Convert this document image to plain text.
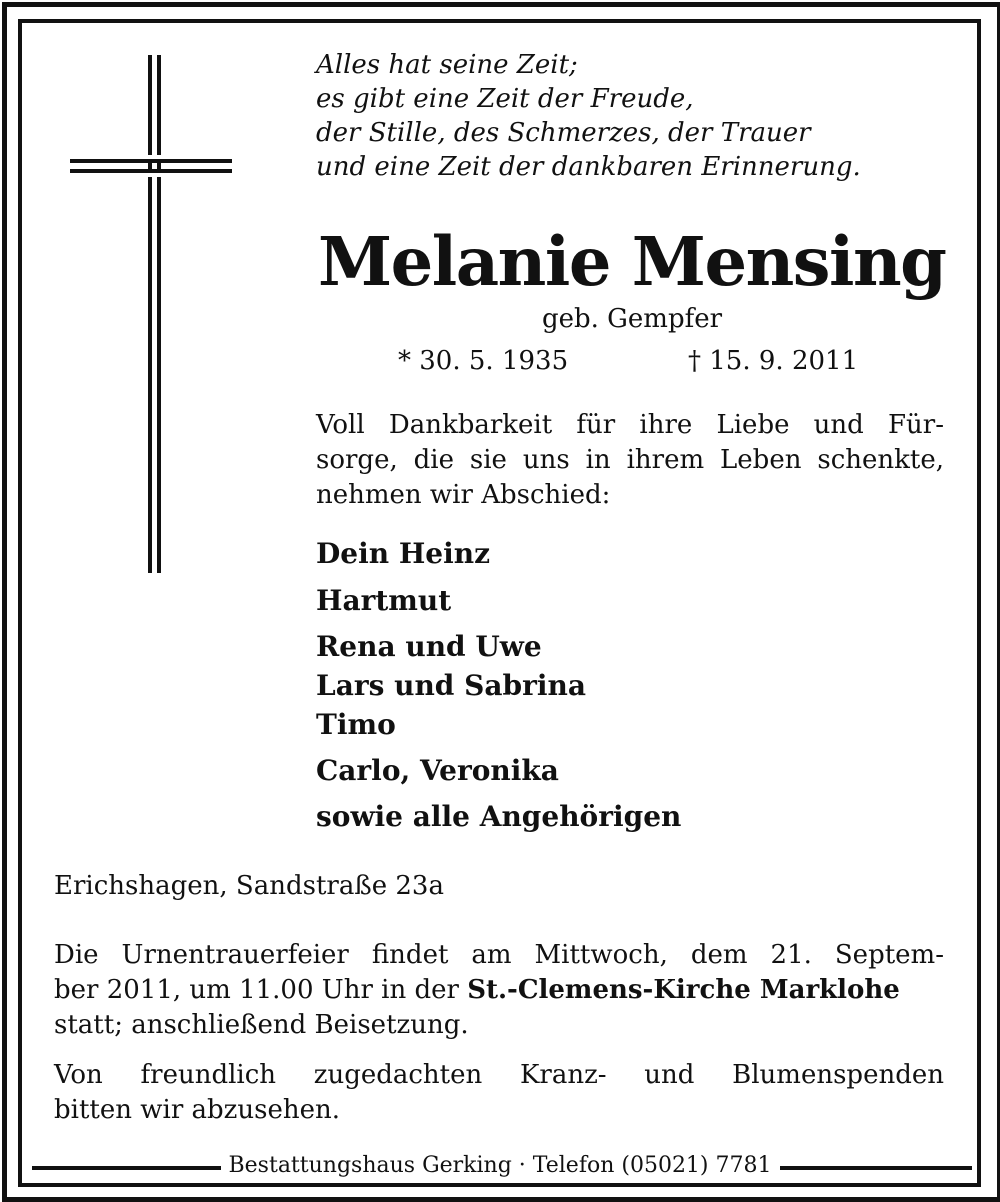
Alles hat seine Zeit;
es gibt eine Zeit der Freude,
der Stille, des Schmerzes, der Trauer
und eine Zeit der dankbaren Erinnerung.
Melanie Mensing
geb. Gempfer
* 30. 5. 1935	† 15. 9. 2011
Voll Dankbarkeit für ihre Liebe und Für-
sorge, die sie uns in ihrem Leben schenkte,
nehmen wir Abschied:
Dein Heinz
Hartmut
Rena und Uwe
Lars und Sabrina
Timo
Carlo, Veronika
sowie alle Angehörigen
Erichshagen, Sandstraße 23a
Die Urnentrauerfeier findet am Mittwoch, dem 21. Septem-
ber 2011, um 11.00 Uhr in der St.-Clemens-Kirche Marklohe
statt; anschließend Beisetzung.
Von freundlich zugedachten Kranz- und Blumenspenden
bitten wir abzusehen.
Bestattungshaus Gerking · Telefon (05021) 7781
